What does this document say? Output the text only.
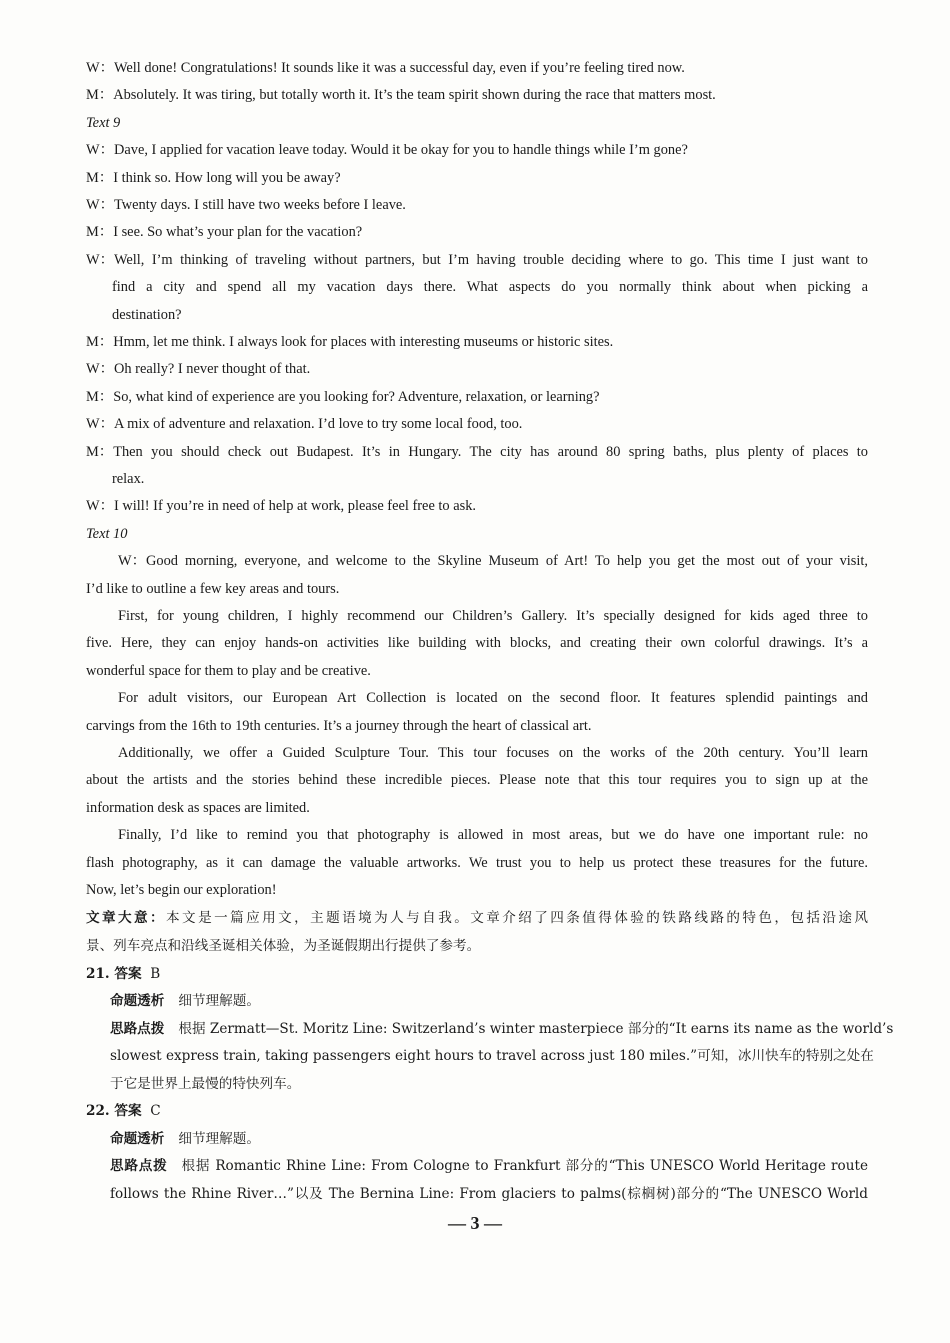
W：Well done! Congratulations! It sounds like it was a successful day, even if you’re feeling tired now.
M：Absolutely. It was tiring, but totally worth it. It’s the team spirit shown during the race that matters most.
Text 9
W：Dave, I applied for vacation leave today. Would it be okay for you to handle things while I’m gone?
M：I think so. How long will you be away?
W：Twenty days. I still have two weeks before I leave.
M：I see. So what’s your plan for the vacation?
W：Well, I’m thinking of traveling without partners, but I’m having trouble deciding where to go. This time I just want to
find a city and spend all my vacation days there. What aspects do you normally think about when picking a
destination?
M：Hmm, let me think. I always look for places with interesting museums or historic sites.
W：Oh really? I never thought of that.
M：So, what kind of experience are you looking for? Adventure, relaxation, or learning?
W：A mix of adventure and relaxation. I’d love to try some local food, too.
M：Then you should check out Budapest. It’s in Hungary. The city has around 80 spring baths, plus plenty of places to
relax.
W：I will! If you’re in need of help at work, please feel free to ask.
Text 10
W：Good morning, everyone, and welcome to the Skyline Museum of Art! To help you get the most out of your visit,
I’d like to outline a few key areas and tours.
First, for young children, I highly recommend our Children’s Gallery. It’s specially designed for kids aged three to
five. Here, they can enjoy hands-on activities like building with blocks, and creating their own colorful drawings. It’s a
wonderful space for them to play and be creative.
For adult visitors, our European Art Collection is located on the second floor. It features splendid paintings and
carvings from the 16th to 19th centuries. It’s a journey through the heart of classical art.
Additionally, we offer a Guided Sculpture Tour. This tour focuses on the works of the 20th century. You’ll learn
about the artists and the stories behind these incredible pieces. Please note that this tour requires you to sign up at the
information desk as spaces are limited.
Finally, I’d like to remind you that photography is allowed in most areas, but we do have one important rule: no
flash photography, as it can damage the valuable artworks. We trust you to help us protect these treasures for the future.
Now, let’s begin our exploration!
文章大意：本文是一篇应用文，主题语境为人与自我。文章介绍了四条值得体验的铁路线路的特色，包括沿途风
景、列车亮点和沿线圣诞相关体验，为圣诞假期出行提供了参考。
21. 答案 B
命题透析 细节理解题。
思路点拨 根据 Zermatt—St. Moritz Line: Switzerland’s winter masterpiece 部分的“It earns its name as the world’s
slowest express train, taking passengers eight hours to travel across just 180 miles.”可知，冰川快车的特别之处在
于它是世界上最慢的特快列车。
22. 答案 C
命题透析 细节理解题。
思路点拨 根据 Romantic Rhine Line: From Cologne to Frankfurt 部分的“This UNESCO World Heritage route
follows the Rhine River…”以及 The Bernina Line: From glaciers to palms(棕榈树)部分的“The UNESCO World
— 3 —
